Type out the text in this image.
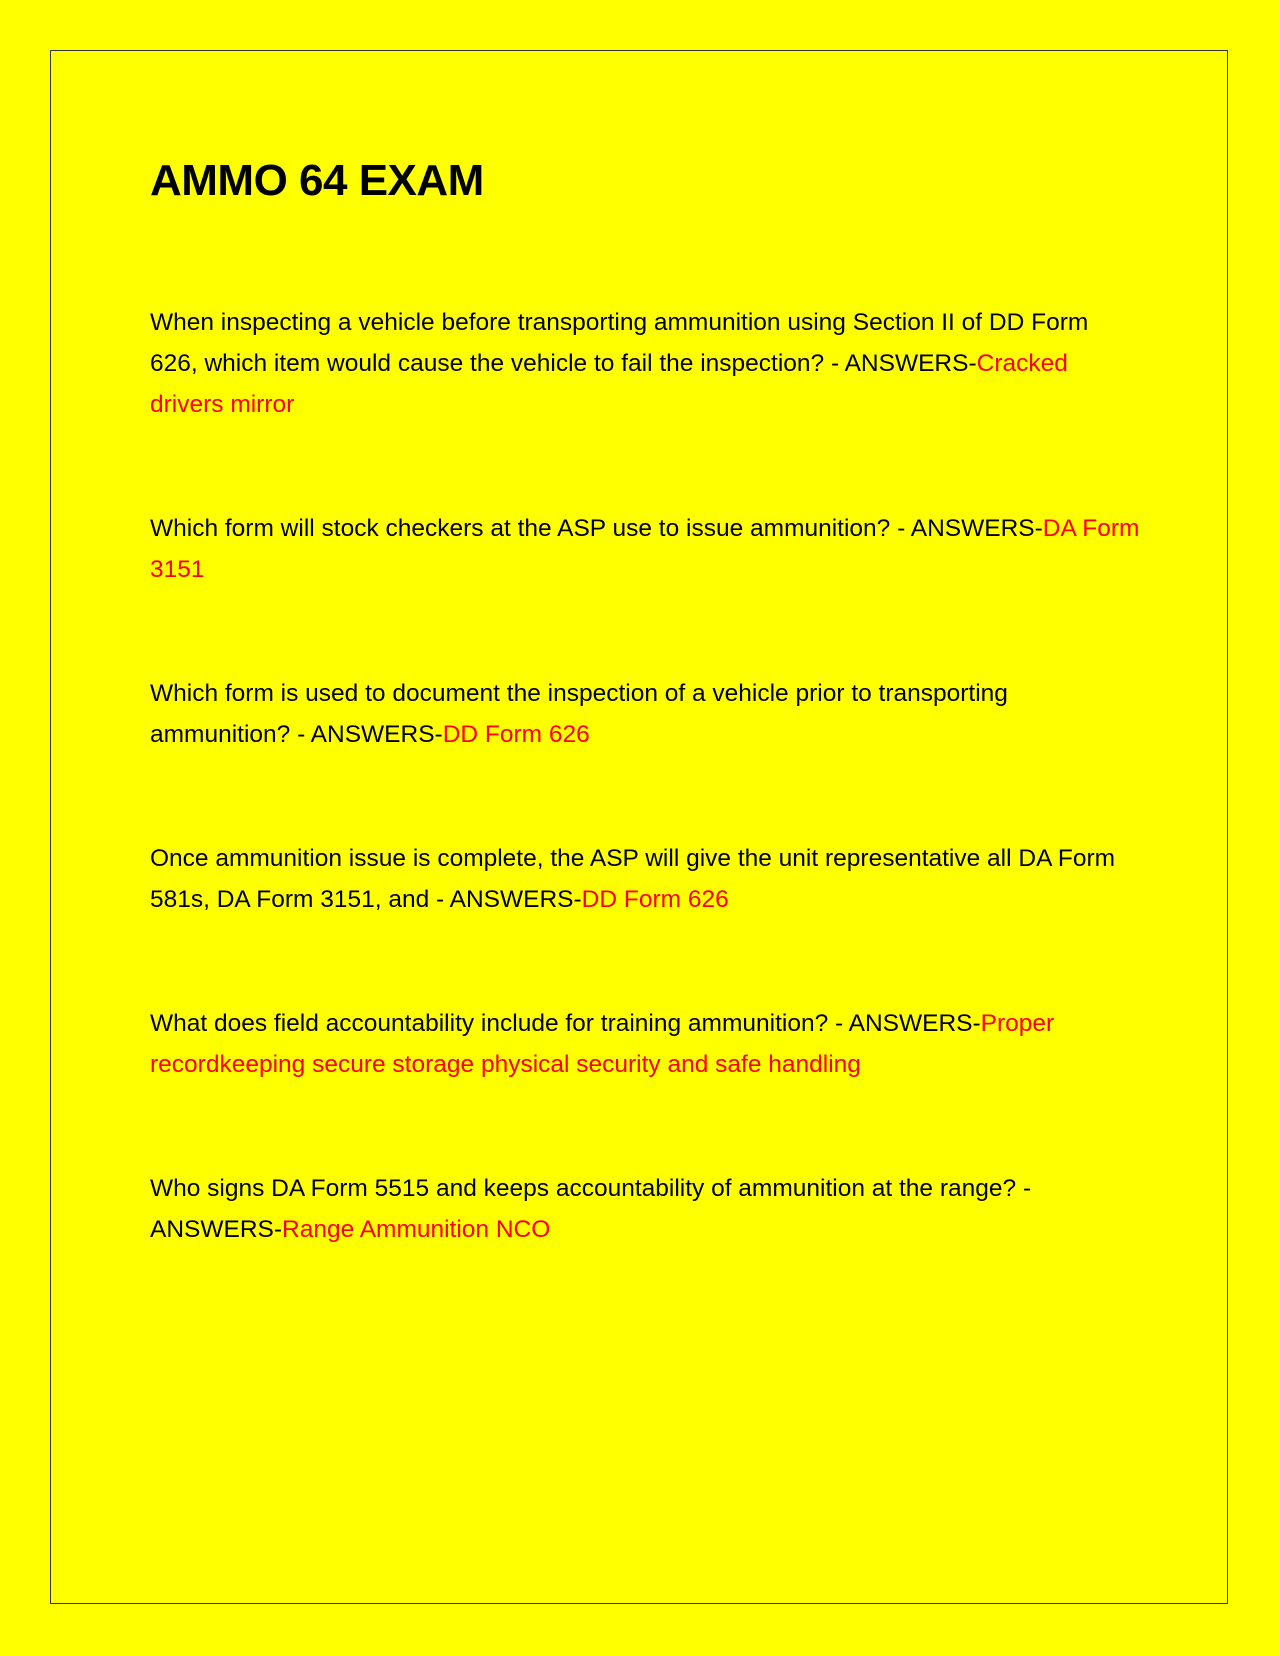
AMMO 64 EXAM

When inspecting a vehicle before transporting ammunition using Section II of DD Form 626, which item would cause the vehicle to fail the inspection? - ANSWERS-Cracked drivers mirror

Which form will stock checkers at the ASP use to issue ammunition? - ANSWERS-DA Form 3151

Which form is used to document the inspection of a vehicle prior to transporting ammunition? - ANSWERS-DD Form 626

Once ammunition issue is complete, the ASP will give the unit representative all DA Form 581s, DA Form 3151, and - ANSWERS-DD Form 626

What does field accountability include for training ammunition? - ANSWERS-Proper recordkeeping secure storage physical security and safe handling

Who signs DA Form 5515 and keeps accountability of ammunition at the range? - ANSWERS-Range Ammunition NCO
